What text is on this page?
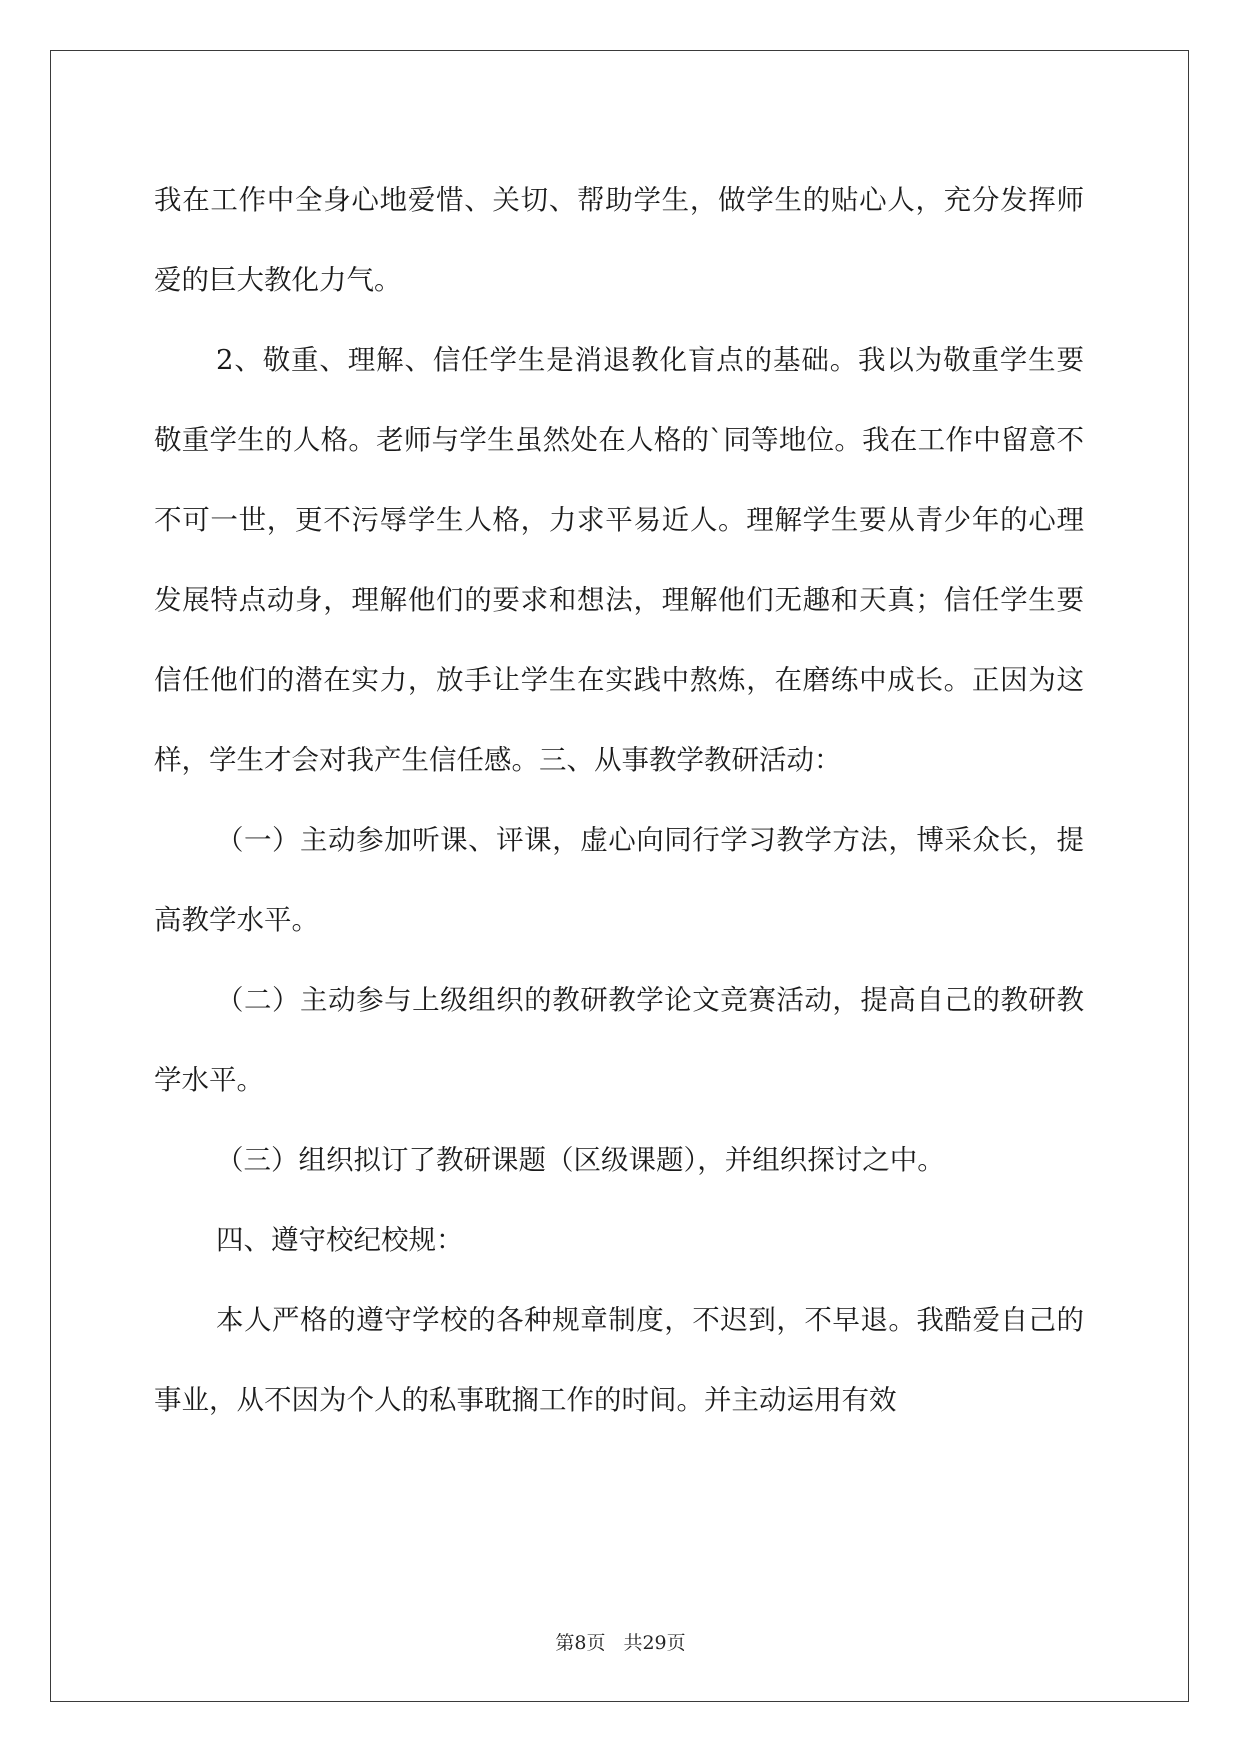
我在工作中全身心地爱惜、关切、帮助学生，做学生的贴心人，充分发挥师爱的巨大教化力气。

2、敬重、理解、信任学生是消退教化盲点的基础。我以为敬重学生要敬重学生的人格。老师与学生虽然处在人格的`同等地位。我在工作中留意不不可一世，更不污辱学生人格，力求平易近人。理解学生要从青少年的心理发展特点动身，理解他们的要求和想法，理解他们无趣和天真；信任学生要信任他们的潜在实力，放手让学生在实践中熬炼，在磨练中成长。正因为这样，学生才会对我产生信任感。三、从事教学教研活动：

（一）主动参加听课、评课，虚心向同行学习教学方法，博采众长，提高教学水平。

（二）主动参与上级组织的教研教学论文竞赛活动，提高自己的教研教学水平。

（三）组织拟订了教研课题（区级课题），并组织探讨之中。

四、遵守校纪校规：

本人严格的遵守学校的各种规章制度，不迟到，不早退。我酷爱自己的事业，从不因为个人的私事耽搁工作的时间。并主动运用有效

第8页 共29页
